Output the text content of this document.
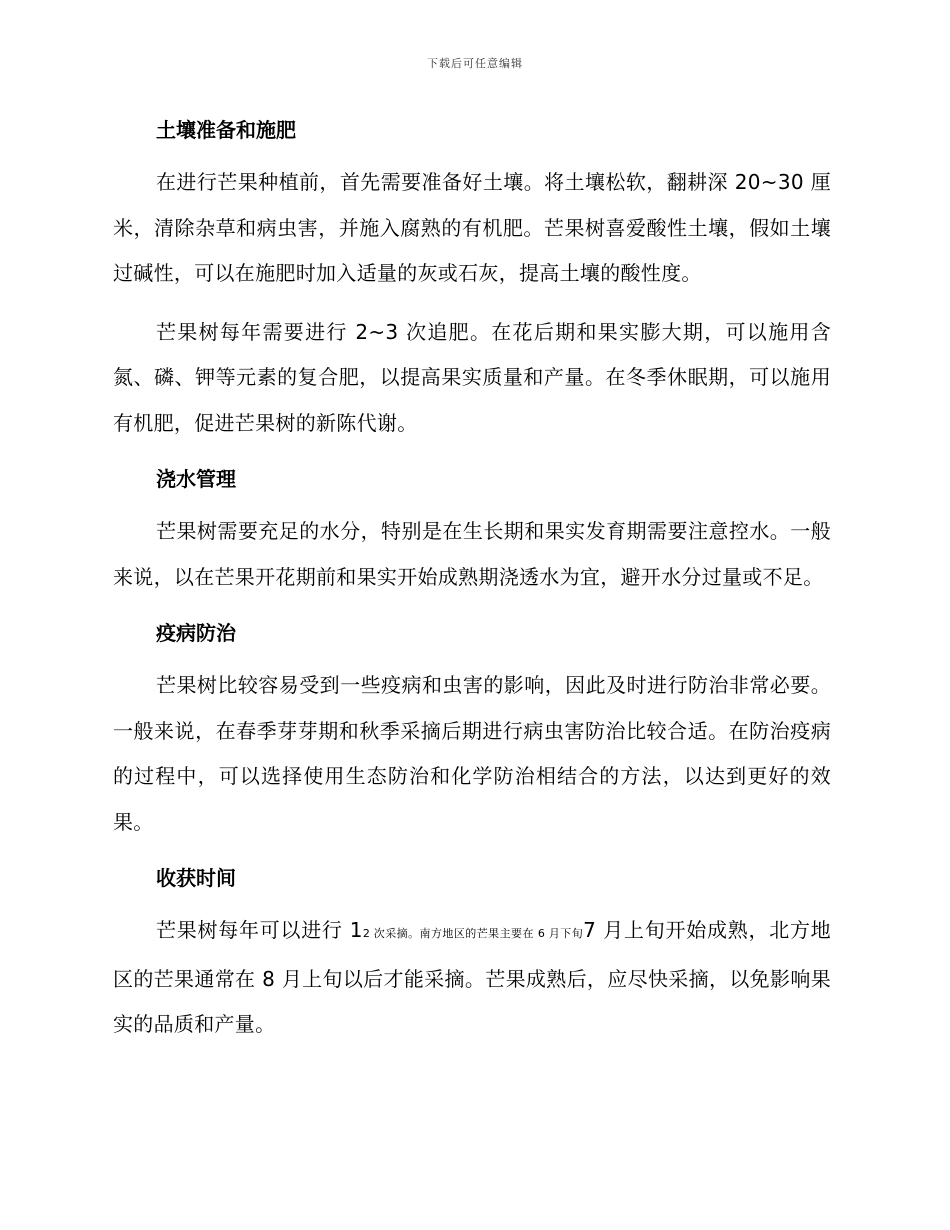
下载后可任意编辑
土壤准备和施肥

在进行芒果种植前，首先需要准备好土壤。将土壤松软，翻耕深 20~30 厘米，清除杂草和病虫害，并施入腐熟的有机肥。芒果树喜爱酸性土壤，假如土壤过碱性，可以在施肥时加入适量的灰或石灰，提高土壤的酸性度。

芒果树每年需要进行 2~3 次追肥。在花后期和果实膨大期，可以施用含氮、磷、钾等元素的复合肥，以提高果实质量和产量。在冬季休眠期，可以施用有机肥，促进芒果树的新陈代谢。

浇水管理

芒果树需要充足的水分，特别是在生长期和果实发育期需要注意控水。一般来说，以在芒果开花期前和果实开始成熟期浇透水为宜，避开水分过量或不足。

疫病防治

芒果树比较容易受到一些疫病和虫害的影响，因此及时进行防治非常必要。一般来说，在春季芽芽期和秋季采摘后期进行病虫害防治比较合适。在防治疫病的过程中，可以选择使用生态防治和化学防治相结合的方法，以达到更好的效果。

收获时间

芒果树每年可以进行 12 次采摘。南方地区的芒果主要在 6 月下旬7 月上旬开始成熟，北方地区的芒果通常在 8 月上旬以后才能采摘。芒果成熟后，应尽快采摘，以免影响果实的品质和产量。
